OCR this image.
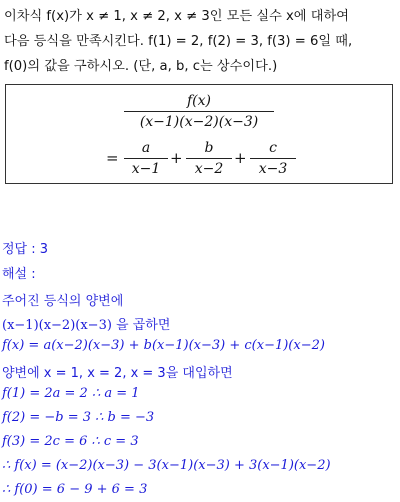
이차식 f(x)가 x ≠ 1, x ≠ 2, x ≠ 3인 모든 실수 x에 대하여
다음 등식을 만족시킨다. f(1) = 2, f(2) = 3, f(3) = 6일 때,
f(0)의 값을 구하시오. (단, a, b, c는 상수이다.)
f(x)
(x−1)(x−2)(x−3)
=
a
x−1
+
b
x−2
+
c
x−3
정답 : 3
해설 :
주어진 등식의 양변에
(x−1)(x−2)(x−3) 을 곱하면
f(x) = a(x−2)(x−3) + b(x−1)(x−3) + c(x−1)(x−2)
양변에 x = 1, x = 2, x = 3을 대입하면
f(1) = 2a = 2 ∴ a = 1
f(2) = −b = 3 ∴ b = −3
f(3) = 2c = 6 ∴ c = 3
∴ f(x) = (x−2)(x−3) − 3(x−1)(x−3) + 3(x−1)(x−2)
∴ f(0) = 6 − 9 + 6 = 3
